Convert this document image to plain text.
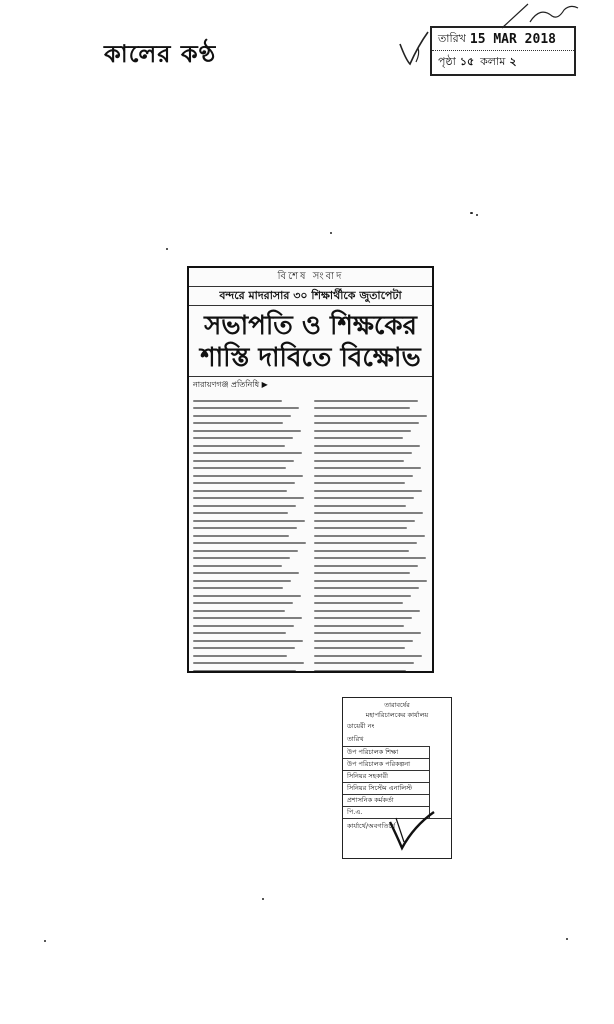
কালের কণ্ঠ
তারিখ 15 MAR 2018
পৃষ্ঠা ১৫ কলাম ২
বিশেষ সংবাদ
বন্দরে মাদরাসার ৩০ শিক্ষার্থীকে জুতাপেটা
সভাপতি ও শিক্ষকের
শাস্তি দাবিতে বিক্ষোভ
নারায়ণগঞ্জ প্রতিনিধি ▶
তারাবর্ষের
মহাপরিচালকের কার্যালয়
ডায়েরী নং
তারিখ
উপ পরিচালক শিক্ষা
উপ পরিচালক পরিকল্পনা
সিনিয়র সহকারী
সিনিয়র সিস্টেম এনালিস্ট
প্রশাসনিক কর্মকর্তা
পি.এ.
কার্যার্থে/অবগতির্থে
